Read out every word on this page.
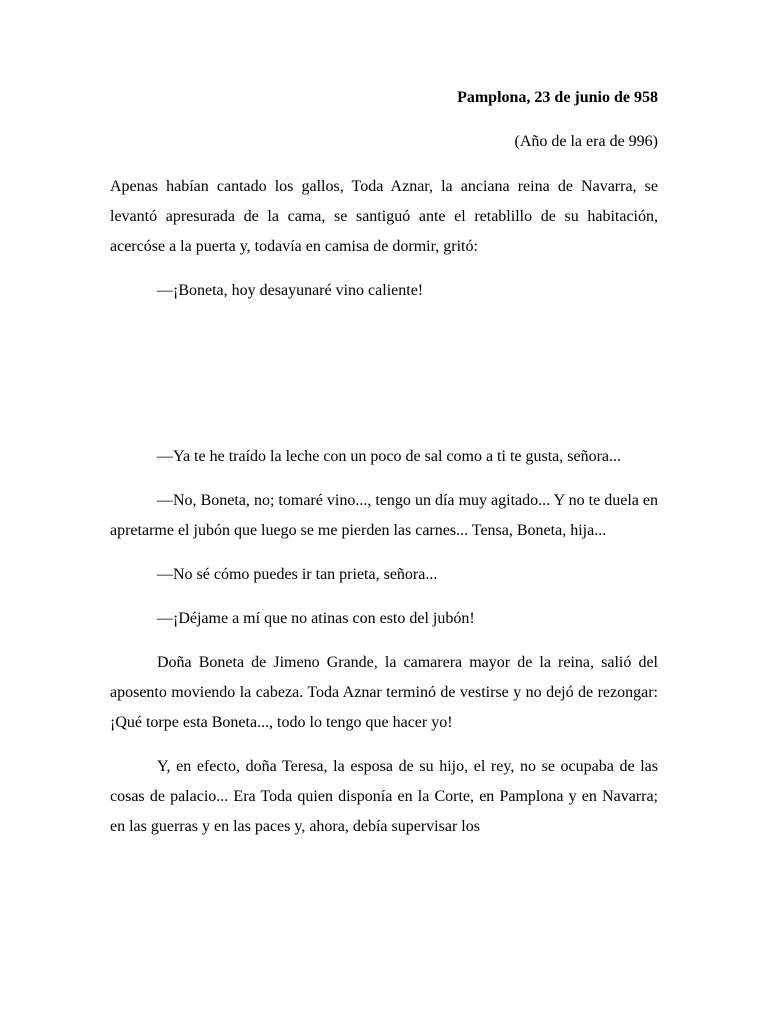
Pamplona, 23 de junio de 958

(Año de la era de 996)

Apenas habían cantado los gallos, Toda Aznar, la anciana reina de Navarra, se levantó apresurada de la cama, se santiguó ante el retablillo de su habitación, acercóse a la puerta y, todavía en camisa de dormir, gritó:

—¡Boneta, hoy desayunaré vino caliente!

—Ya te he traído la leche con un poco de sal como a ti te gusta, señora...

—No, Boneta, no; tomaré vino..., tengo un día muy agitado... Y no te duela en apretarme el jubón que luego se me pierden las carnes... Tensa, Boneta, hija...

—No sé cómo puedes ir tan prieta, señora...

—¡Déjame a mí que no atinas con esto del jubón!

Doña Boneta de Jimeno Grande, la camarera mayor de la reina, salió del aposento moviendo la cabeza. Toda Aznar terminó de vestirse y no dejó de rezongar: ¡Qué torpe esta Boneta..., todo lo tengo que hacer yo!

Y, en efecto, doña Teresa, la esposa de su hijo, el rey, no se ocupaba de las cosas de palacio... Era Toda quien disponía en la Corte, en Pamplona y en Navarra; en las guerras y en las paces y, ahora, debía supervisar los
